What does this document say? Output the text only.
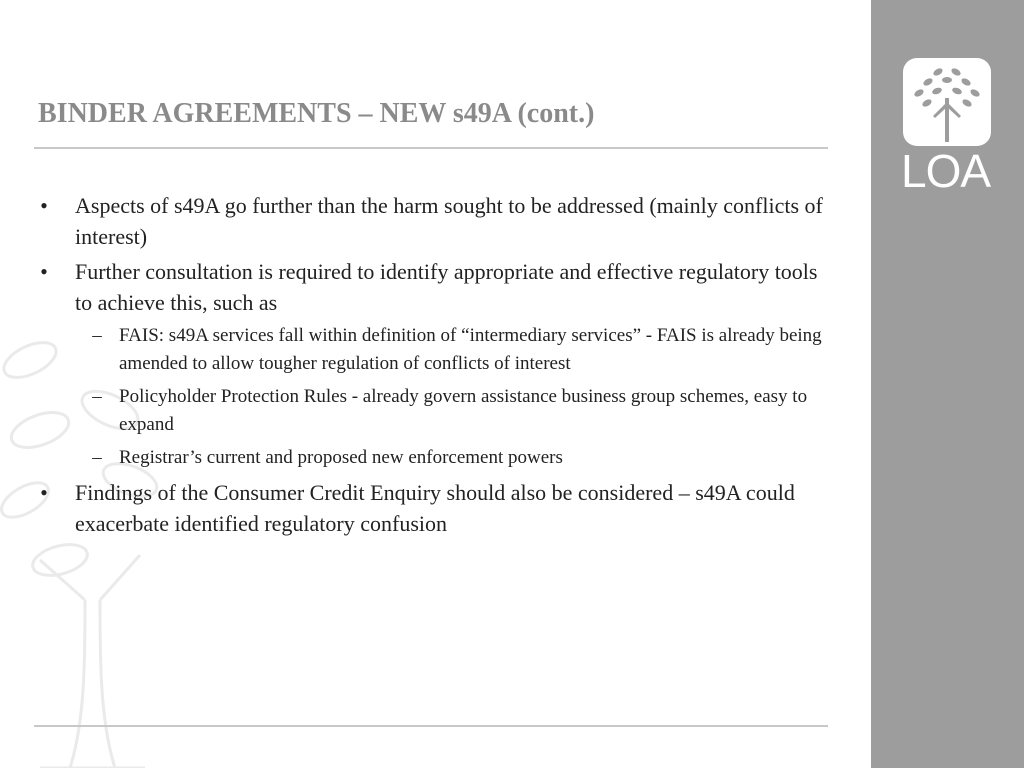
LOA
BINDER AGREEMENTS – NEW s49A (cont.)
• Aspects of s49A go further than the harm sought to be addressed (mainly conflicts of interest)
• Further consultation is required to identify appropriate and effective regulatory tools to achieve this, such as
– FAIS: s49A services fall within definition of “intermediary services” - FAIS is already being amended to allow tougher regulation of conflicts of interest
– Policyholder Protection Rules - already govern assistance business group schemes, easy to expand
– Registrar’s current and proposed new enforcement powers
• Findings of the Consumer Credit Enquiry should also be considered – s49A could exacerbate identified regulatory confusion
